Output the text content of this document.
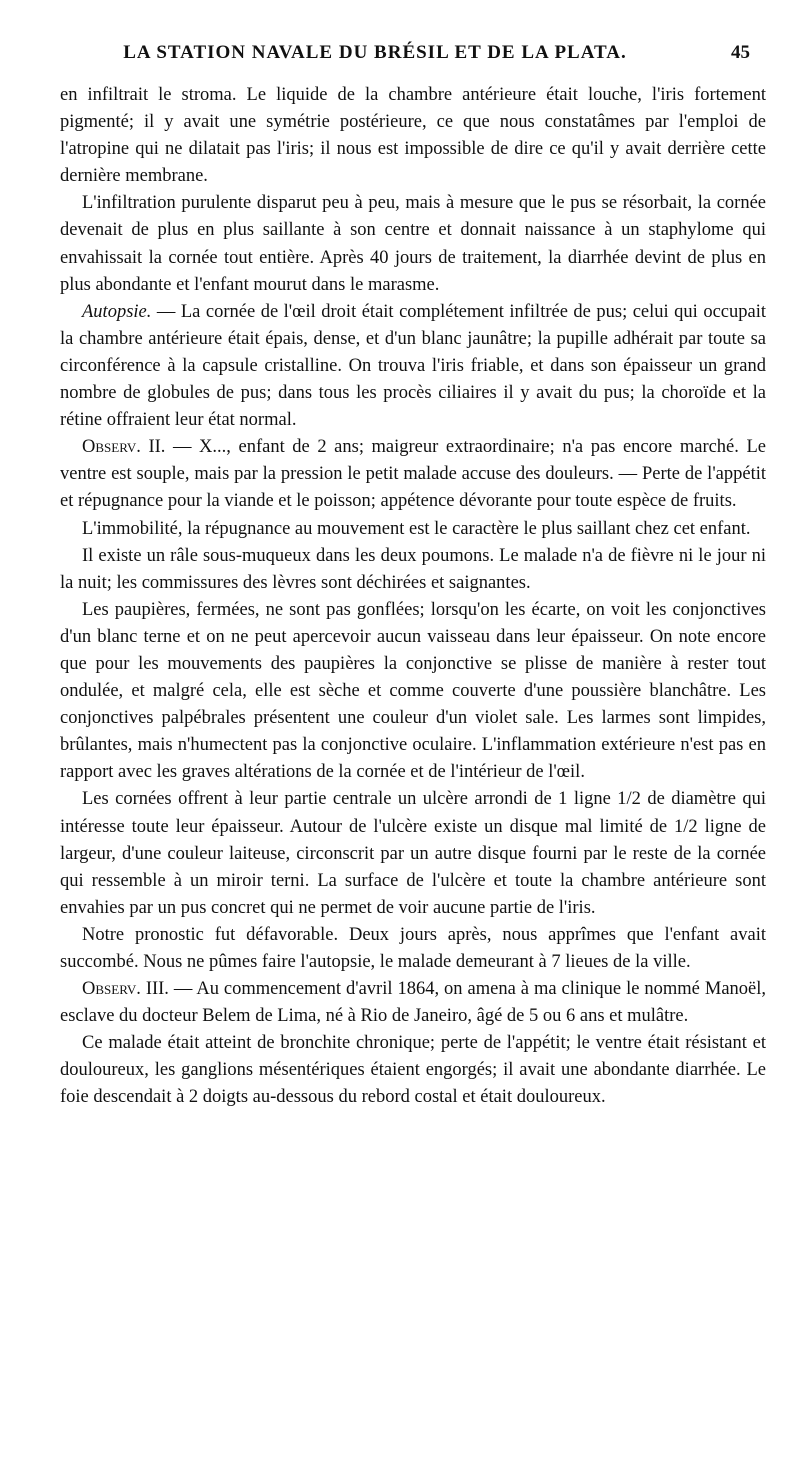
LA STATION NAVALE DU BRÉSIL ET DE LA PLATA.	45

en infiltrait le stroma. Le liquide de la chambre antérieure était louche, l'iris fortement pigmenté; il y avait une symétrie postérieure, ce que nous constatâmes par l'emploi de l'atropine qui ne dilatait pas l'iris; il nous est impossible de dire ce qu'il y avait derrière cette dernière membrane.

L'infiltration purulente disparut peu à peu, mais à mesure que le pus se résorbait, la cornée devenait de plus en plus saillante à son centre et donnait naissance à un staphylome qui envahissait la cornée tout entière. Après 40 jours de traitement, la diarrhée devint de plus en plus abondante et l'enfant mourut dans le marasme.

Autopsie. — La cornée de l'œil droit était complétement infiltrée de pus; celui qui occupait la chambre antérieure était épais, dense, et d'un blanc jaunâtre; la pupille adhérait par toute sa circonférence à la capsule cristalline. On trouva l'iris friable, et dans son épaisseur un grand nombre de globules de pus; dans tous les procès ciliaires il y avait du pus; la choroïde et la rétine offraient leur état normal.

Observ. II. — X..., enfant de 2 ans; maigreur extraordinaire; n'a pas encore marché. Le ventre est souple, mais par la pression le petit malade accuse des douleurs. — Perte de l'appétit et répugnance pour la viande et le poisson; appétence dévorante pour toute espèce de fruits.

L'immobilité, la répugnance au mouvement est le caractère le plus saillant chez cet enfant.

Il existe un râle sous-muqueux dans les deux poumons. Le malade n'a de fièvre ni le jour ni la nuit; les commissures des lèvres sont déchirées et saignantes.

Les paupières, fermées, ne sont pas gonflées; lorsqu'on les écarte, on voit les conjonctives d'un blanc terne et on ne peut apercevoir aucun vaisseau dans leur épaisseur. On note encore que pour les mouvements des paupières la conjonctive se plisse de manière à rester tout ondulée, et malgré cela, elle est sèche et comme couverte d'une poussière blanchâtre. Les conjonctives palpébrales présentent une couleur d'un violet sale. Les larmes sont limpides, brûlantes, mais n'humectent pas la conjonctive oculaire. L'inflammation extérieure n'est pas en rapport avec les graves altérations de la cornée et de l'intérieur de l'œil.

Les cornées offrent à leur partie centrale un ulcère arrondi de 1 ligne 1/2 de diamètre qui intéresse toute leur épaisseur. Autour de l'ulcère existe un disque mal limité de 1/2 ligne de largeur, d'une couleur laiteuse, circonscrit par un autre disque fourni par le reste de la cornée qui ressemble à un miroir terni. La surface de l'ulcère et toute la chambre antérieure sont envahies par un pus concret qui ne permet de voir aucune partie de l'iris.

Notre pronostic fut défavorable. Deux jours après, nous apprîmes que l'enfant avait succombé. Nous ne pûmes faire l'autopsie, le malade demeurant à 7 lieues de la ville.

Observ. III. — Au commencement d'avril 1864, on amena à ma clinique le nommé Manoël, esclave du docteur Belem de Lima, né à Rio de Janeiro, âgé de 5 ou 6 ans et mulâtre.

Ce malade était atteint de bronchite chronique; perte de l'appétit; le ventre était résistant et douloureux, les ganglions mésentériques étaient engorgés; il avait une abondante diarrhée. Le foie descendait à 2 doigts au-dessous du rebord costal et était douloureux.
